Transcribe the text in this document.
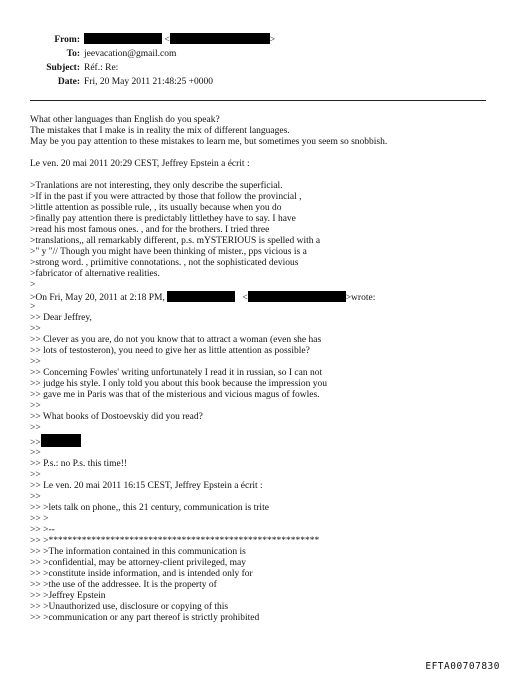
From:	<	>
To: jeevacation@gmail.com
Subject: Réf.: Re:
Date: Fri, 20 May 2011 21:48:25 +0000
What other languages than English do you speak?
The mistakes that I make is in reality the mix of different languages.
May be you pay attention to these mistakes to learn me, but sometimes you seem so snobbish.
Le ven. 20 mai 2011 20:29 CEST, Jeffrey Epstein a écrit :
>Tranlations are not interesting, they only describe the superficial.
>If in the past if you were attracted by those that follow the provincial ,
>little attention as possible rule, , its usually because when you do
>finally pay attention there is predictably littlethey have to say. I have
>read his most famous ones. , and for the brothers. I tried three
>translations,, all remarkably different, p.s. mYSTERIOUS is spelled with a
>" y "// Though you might have been thinking of mister., pps vicious is a
>strong word. , priimitive connotations. , not the sophisticated devious
>fabricator of alternative realities.
>
>On Fri, May 20, 2011 at 2:18 PM,	<	>wrote:
>
>> Dear Jeffrey,
>>
>> Clever as you are, do not you know that to attract a woman (even she has
>> lots of testosteron), you need to give her as little attention as possible?
>>
>> Concerning Fowles' writing unfortunately I read it in russian, so I can not
>> judge his style. I only told you about this book because the impression you
>> gave me in Paris was that of the misterious and vicious magus of fowles.
>>
>> What books of Dostoevskiy did you read?
>>
>>
>>
>> P.s.: no P.s. this time!!
>>
>> Le ven. 20 mai 2011 16:15 CEST, Jeffrey Epstein a écrit :
>>
>> >lets talk on phone,, this 21 century, communication is trite
>> >
>> >--
>> >*********************************************************
>> >The information contained in this communication is
>> >confidential, may be attorney-client privileged, may
>> >constitute inside information, and is intended only for
>> >the use of the addressee. It is the property of
>> >Jeffrey Epstein
>> >Unauthorized use, disclosure or copying of this
>> >communication or any part thereof is strictly prohibited
EFTA00707830
